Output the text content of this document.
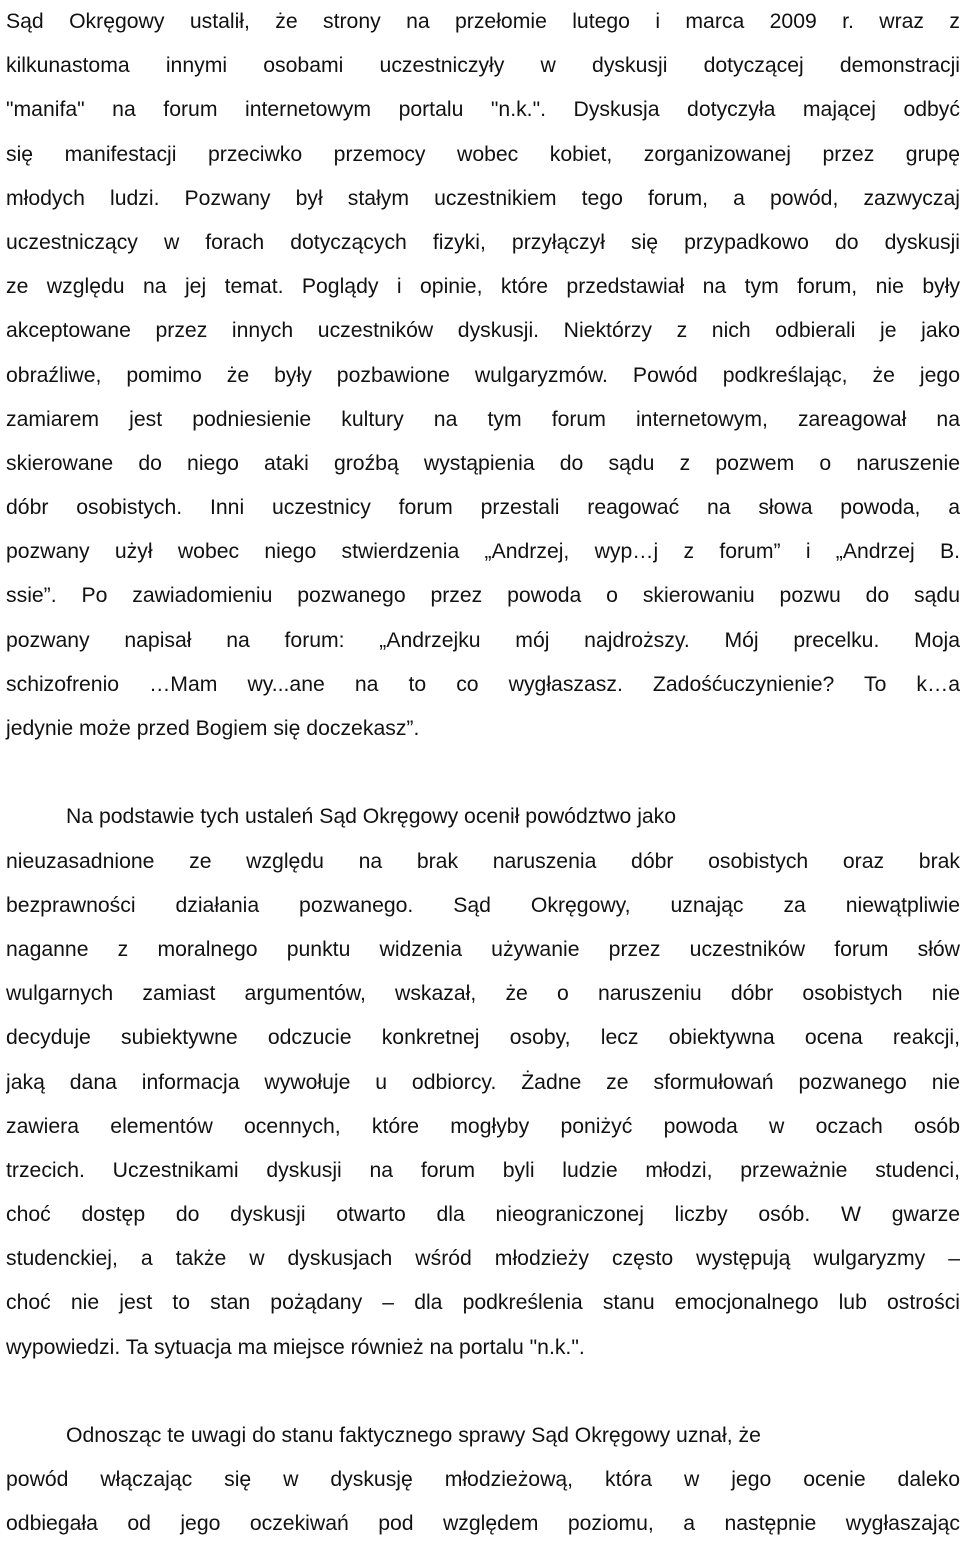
Sąd Okręgowy ustalił, że strony na przełomie lutego i marca 2009 r. wraz z
kilkunastoma innymi osobami uczestniczyły w dyskusji dotyczącej demonstracji
"manifa" na forum internetowym portalu "n.k.". Dyskusja dotyczyła mającej odbyć
się manifestacji przeciwko przemocy wobec kobiet, zorganizowanej przez grupę
młodych ludzi. Pozwany był stałym uczestnikiem tego forum, a powód, zazwyczaj
uczestniczący w forach dotyczących fizyki, przyłączył się przypadkowo do dyskusji
ze względu na jej temat. Poglądy i opinie, które przedstawiał na tym forum, nie były
akceptowane przez innych uczestników dyskusji. Niektórzy z nich odbierali je jako
obraźliwe, pomimo że były pozbawione wulgaryzmów. Powód podkreślając, że jego
zamiarem jest podniesienie kultury na tym forum internetowym, zareagował na
skierowane do niego ataki groźbą wystąpienia do sądu z pozwem o naruszenie
dóbr osobistych. Inni uczestnicy forum przestali reagować na słowa powoda, a
pozwany użył wobec niego stwierdzenia „Andrzej, wyp…j z forum” i „Andrzej B.
ssie”. Po zawiadomieniu pozwanego przez powoda o skierowaniu pozwu do sądu
pozwany napisał na forum: „Andrzejku mój najdroższy. Mój precelku. Moja
schizofrenio …Mam wy...ane na to co wygłaszasz. Zadośćuczynienie? To k…a
jedynie może przed Bogiem się doczekasz”.
Na podstawie tych ustaleń Sąd Okręgowy ocenił powództwo jako
nieuzasadnione ze względu na brak naruszenia dóbr osobistych oraz brak
bezprawności działania pozwanego. Sąd Okręgowy, uznając za niewątpliwie
naganne z moralnego punktu widzenia używanie przez uczestników forum słów
wulgarnych zamiast argumentów, wskazał, że o naruszeniu dóbr osobistych nie
decyduje subiektywne odczucie konkretnej osoby, lecz obiektywna ocena reakcji,
jaką dana informacja wywołuje u odbiorcy. Żadne ze sformułowań pozwanego nie
zawiera elementów ocennych, które mogłyby poniżyć powoda w oczach osób
trzecich. Uczestnikami dyskusji na forum byli ludzie młodzi, przeważnie studenci,
choć dostęp do dyskusji otwarto dla nieograniczonej liczby osób. W gwarze
studenckiej, a także w dyskusjach wśród młodzieży często występują wulgaryzmy –
choć nie jest to stan pożądany – dla podkreślenia stanu emocjonalnego lub ostrości
wypowiedzi. Ta sytuacja ma miejsce również na portalu "n.k.".
Odnosząc te uwagi do stanu faktycznego sprawy Sąd Okręgowy uznał, że
powód włączając się w dyskusję młodzieżową, która w jego ocenie daleko
odbiegała od jego oczekiwań pod względem poziomu, a następnie wygłaszając
